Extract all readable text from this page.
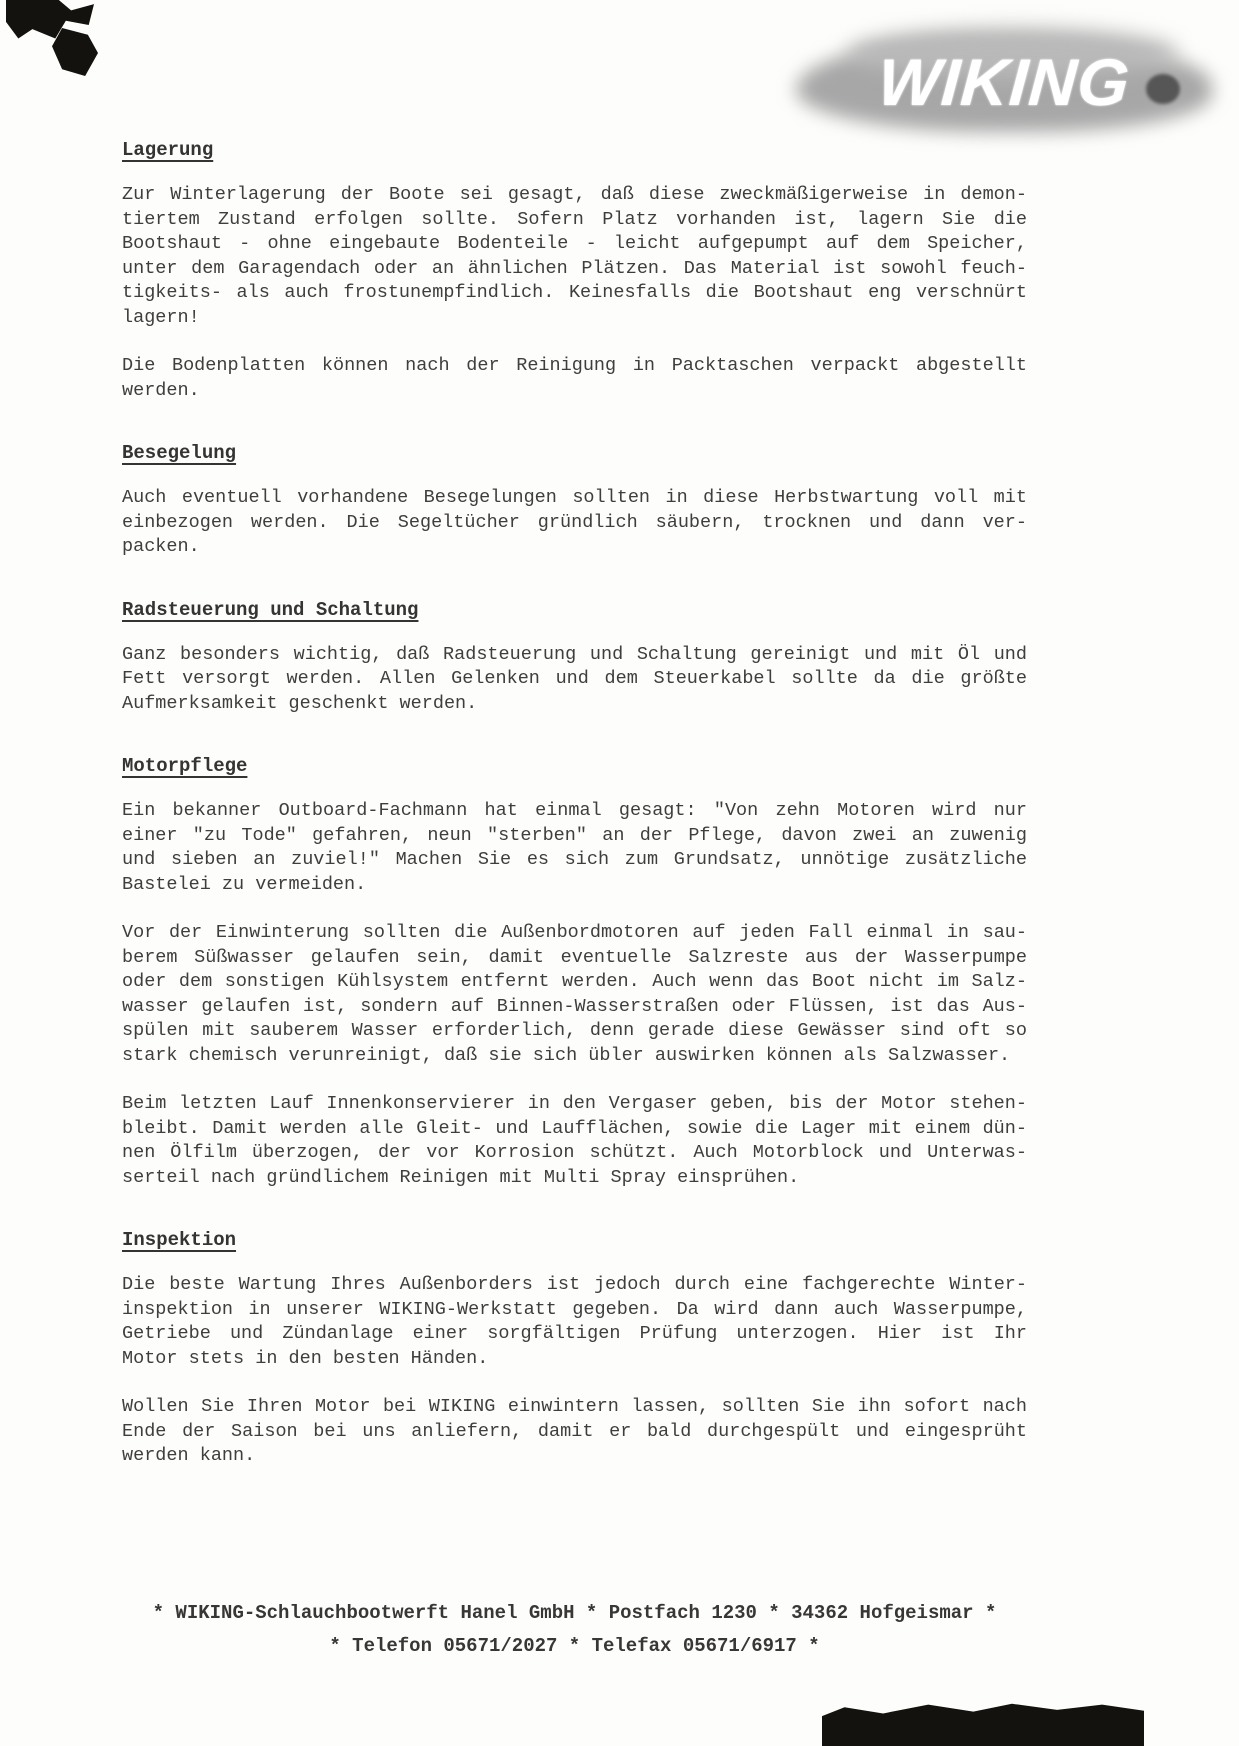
WIKING
Lagerung
Zur Winterlagerung der Boote sei gesagt, daß diese zweckmäßigerweise in demon-
tiertem Zustand erfolgen sollte. Sofern Platz vorhanden ist, lagern Sie die
Bootshaut - ohne eingebaute Bodenteile - leicht aufgepumpt auf dem Speicher,
unter dem Garagendach oder an ähnlichen Plätzen. Das Material ist sowohl feuch-
tigkeits- als auch frostunempfindlich. Keinesfalls die Bootshaut eng verschnürt
lagern!
Die Bodenplatten können nach der Reinigung in Packtaschen verpackt abgestellt
werden.
Besegelung
Auch eventuell vorhandene Besegelungen sollten in diese Herbstwartung voll mit
einbezogen werden. Die Segeltücher gründlich säubern, trocknen und dann ver-
packen.
Radsteuerung und Schaltung
Ganz besonders wichtig, daß Radsteuerung und Schaltung gereinigt und mit Öl und
Fett versorgt werden. Allen Gelenken und dem Steuerkabel sollte da die größte
Aufmerksamkeit geschenkt werden.
Motorpflege
Ein bekanner Outboard-Fachmann hat einmal gesagt: "Von zehn Motoren wird nur
einer "zu Tode" gefahren, neun "sterben" an der Pflege, davon zwei an zuwenig
und sieben an zuviel!" Machen Sie es sich zum Grundsatz, unnötige zusätzliche
Bastelei zu vermeiden.
Vor der Einwinterung sollten die Außenbordmotoren auf jeden Fall einmal in sau-
berem Süßwasser gelaufen sein, damit eventuelle Salzreste aus der Wasserpumpe
oder dem sonstigen Kühlsystem entfernt werden. Auch wenn das Boot nicht im Salz-
wasser gelaufen ist, sondern auf Binnen-Wasserstraßen oder Flüssen, ist das Aus-
spülen mit sauberem Wasser erforderlich, denn gerade diese Gewässer sind oft so
stark chemisch verunreinigt, daß sie sich übler auswirken können als Salzwasser.
Beim letzten Lauf Innenkonservierer in den Vergaser geben, bis der Motor stehen-
bleibt. Damit werden alle Gleit- und Laufflächen, sowie die Lager mit einem dün-
nen Ölfilm überzogen, der vor Korrosion schützt. Auch Motorblock und Unterwas-
serteil nach gründlichem Reinigen mit Multi Spray einsprühen.
Inspektion
Die beste Wartung Ihres Außenborders ist jedoch durch eine fachgerechte Winter-
inspektion in unserer WIKING-Werkstatt gegeben. Da wird dann auch Wasserpumpe,
Getriebe und Zündanlage einer sorgfältigen Prüfung unterzogen. Hier ist Ihr
Motor stets in den besten Händen.
Wollen Sie Ihren Motor bei WIKING einwintern lassen, sollten Sie ihn sofort nach
Ende der Saison bei uns anliefern, damit er bald durchgespült und eingesprüht
werden kann.
* WIKING-Schlauchbootwerft Hanel GmbH * Postfach 1230 * 34362 Hofgeismar *
* Telefon 05671/2027 * Telefax 05671/6917 *
